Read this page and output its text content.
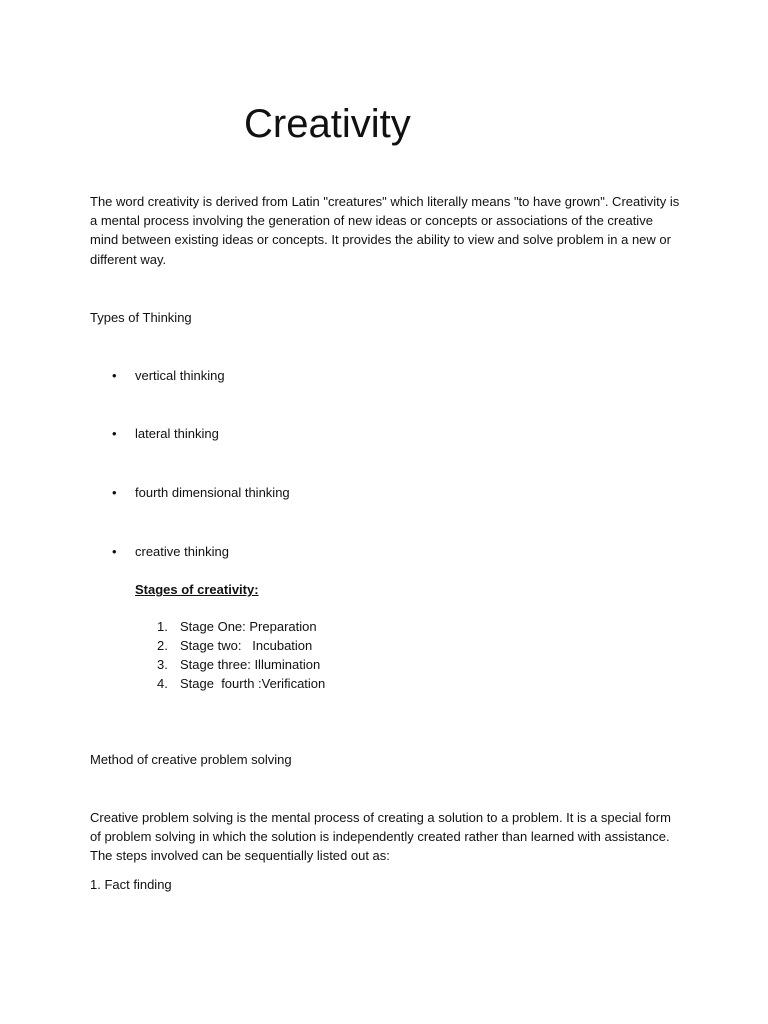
Creativity

The word creativity is derived from Latin "creatures" which literally means "to have grown". Creativity is a mental process involving the generation of new ideas or concepts or associations of the creative mind between existing ideas or concepts. It provides the ability to view and solve problem in a new or different way.

Types of Thinking

• vertical thinking
• lateral thinking
• fourth dimensional thinking
• creative thinking
Stages of creativity:
1. Stage One: Preparation
2. Stage two:   Incubation
3. Stage three: Illumination
4. Stage  fourth :Verification

Method of creative problem solving

Creative problem solving is the mental process of creating a solution to a problem. It is a special form of problem solving in which the solution is independently created rather than learned with assistance. The steps involved can be sequentially listed out as:

1. Fact finding
